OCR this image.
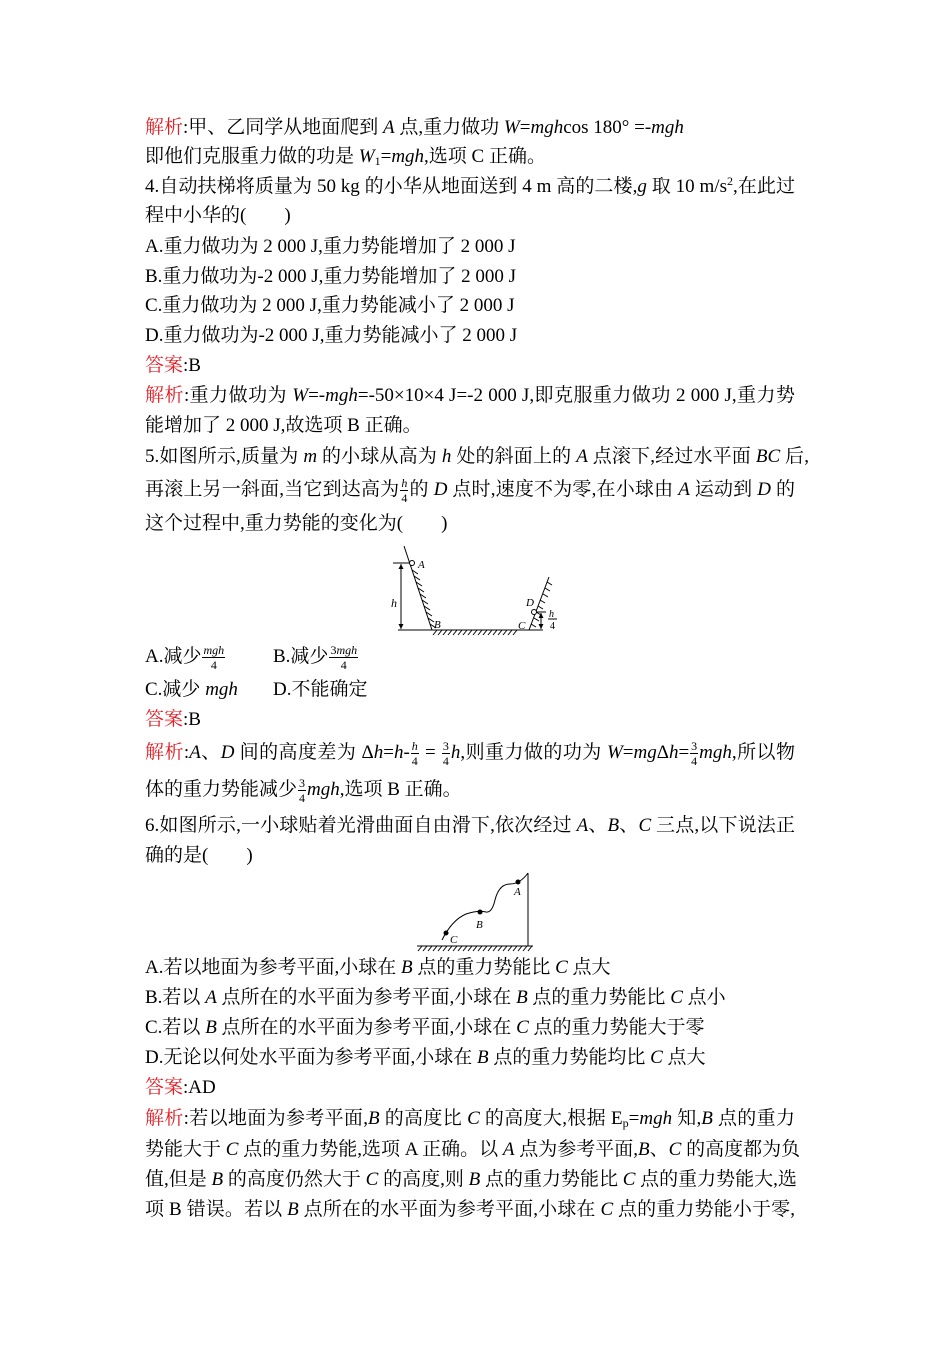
解析:甲、乙同学从地面爬到 A 点,重力做功 W=mghcos 180° =-mgh
即他们克服重力做的功是 $W_1=mgh$,选项 C 正确。
4.自动扶梯将质量为 50 kg 的小华从地面送到 4 m 高的二楼,g 取 10 $m/s^2$,在此过
程中小华的(　　)
A.重力做功为 2 000 J,重力势能增加了 2 000 J
B.重力做功为-2 000 J,重力势能增加了 2 000 J
C.重力做功为 2 000 J,重力势能减小了 2 000 J
D.重力做功为-2 000 J,重力势能减小了 2 000 J
答案:B
解析:重力做功为 W=-mgh=-50×10×4 J=-2 000 J,即克服重力做功 2 000 J,重力势
能增加了 2 000 J,故选项 B 正确。
5.如图所示,质量为 m 的小球从高为 h 处的斜面上的 A 点滚下,经过水平面 BC 后,
再滚上另一斜面,当它到达高为 $\frac{h}{4}$ 的 D 点时,速度不为零,在小球由 A 运动到 D 的
这个过程中,重力势能的变化为(　　)
A
h
B	C
D
h
4
A.减少 $\frac{\text{mgh}}{4}$	B.减少 $\frac{\text{3mgh}}{4}$
C.减少 mgh D.不能确定
答案:B
解析:A、D 间的高度差为 $\Delta h=h- \frac{h}{4} = \frac{3}{4} h$,则重力做的功为 $W=mg\Delta h= \frac{3}{4}$ mgh,所以物
体的重力势能减少 $\frac{3}{4}$ mgh,选项 B 正确。
6.如图所示,一小球贴着光滑曲面自由滑下,依次经过 A、B、C 三点,以下说法正
确的是(　　)
C
B
A
A.若以地面为参考平面,小球在 B 点的重力势能比 C 点大
B.若以 A 点所在的水平面为参考平面,小球在 B 点的重力势能比 C 点小
C.若以 B 点所在的水平面为参考平面,小球在 C 点的重力势能大于零
D.无论以何处水平面为参考平面,小球在 B 点的重力势能均比 C 点大
答案:AD
解析:若以地面为参考平面,B 的高度比 C 的高度大,根据 $E_p=mgh$ 知,B 点的重力
势能大于 C 点的重力势能,选项 A 正确。以 A 点为参考平面,B、C 的高度都为负
值,但是 B 的高度仍然大于 C 的高度,则 B 点的重力势能比 C 点的重力势能大,选
项 B 错误。若以 B 点所在的水平面为参考平面,小球在 C 点的重力势能小于零,
